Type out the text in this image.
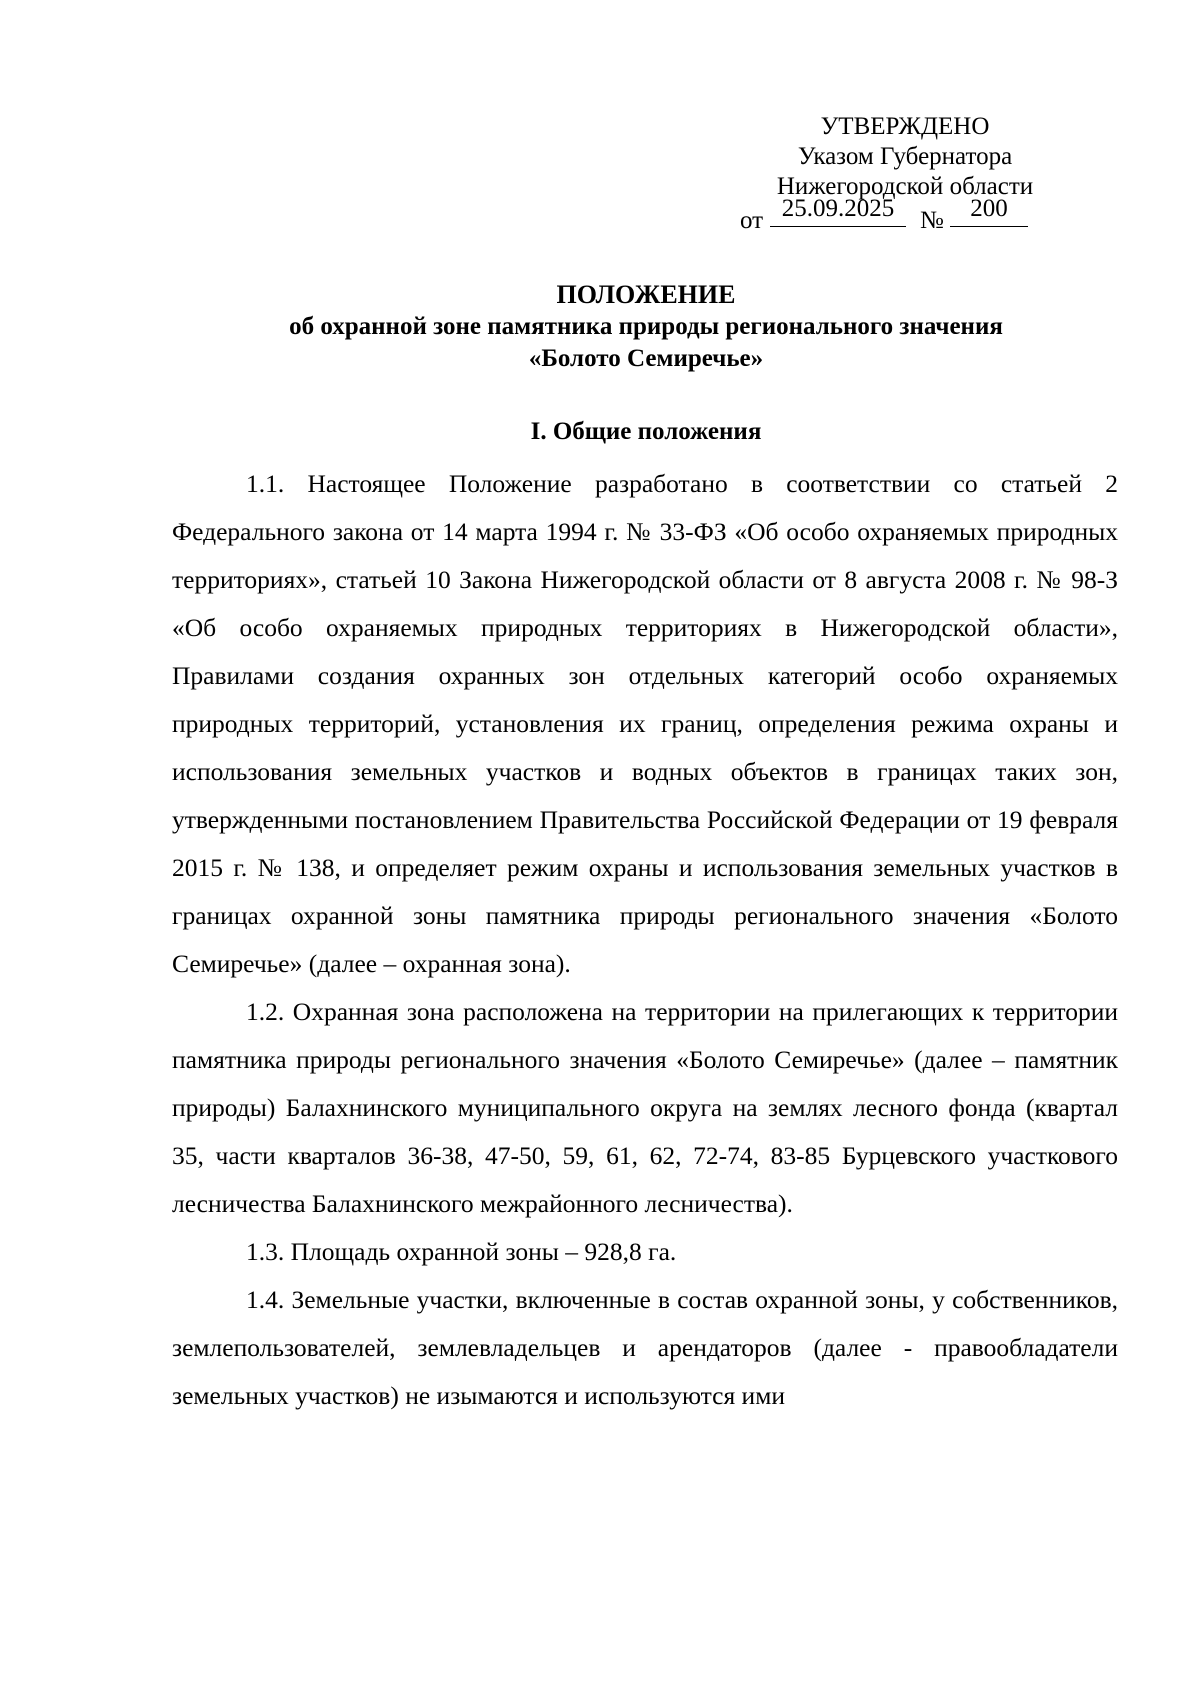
УТВЕРЖДЕНО
Указом Губернатора
Нижегородской области
от 25.09.2025	№	200
ПОЛОЖЕНИЕ
об охранной зоне памятника природы регионального значения
«Болото Семиречье»
I. Общие положения

1.1. Настоящее Положение разработано в соответствии со статьей 2 Федерального закона от 14 марта 1994 г. № 33-ФЗ «Об особо охраняемых природных территориях», статьей 10 Закона Нижегородской области от 8 августа 2008 г. № 98-З «Об особо охраняемых природных территориях в Нижегородской области», Правилами создания охранных зон отдельных категорий особо охраняемых природных территорий, установления их границ, определения режима охраны и использования земельных участков и водных объектов в границах таких зон, утвержденными постановлением Правительства Российской Федерации от 19 февраля 2015 г. № 138, и определяет режим охраны и использования земельных участков в границах охранной зоны памятника природы регионального значения «Болото Семиречье» (далее – охранная зона).

1.2. Охранная зона расположена на территории на прилегающих к территории памятника природы регионального значения «Болото Семиречье» (далее – памятник природы) Балахнинского муниципального округа на землях лесного фонда (квартал 35, части кварталов 36-38, 47-50, 59, 61, 62, 72-74, 83-85 Бурцевского участкового лесничества Балахнинского межрайонного лесничества).

1.3. Площадь охранной зоны – 928,8 га.

1.4. Земельные участки, включенные в состав охранной зоны, у собственников, землепользователей, землевладельцев и арендаторов (далее - правообладатели земельных участков) не изымаются и используются ими
